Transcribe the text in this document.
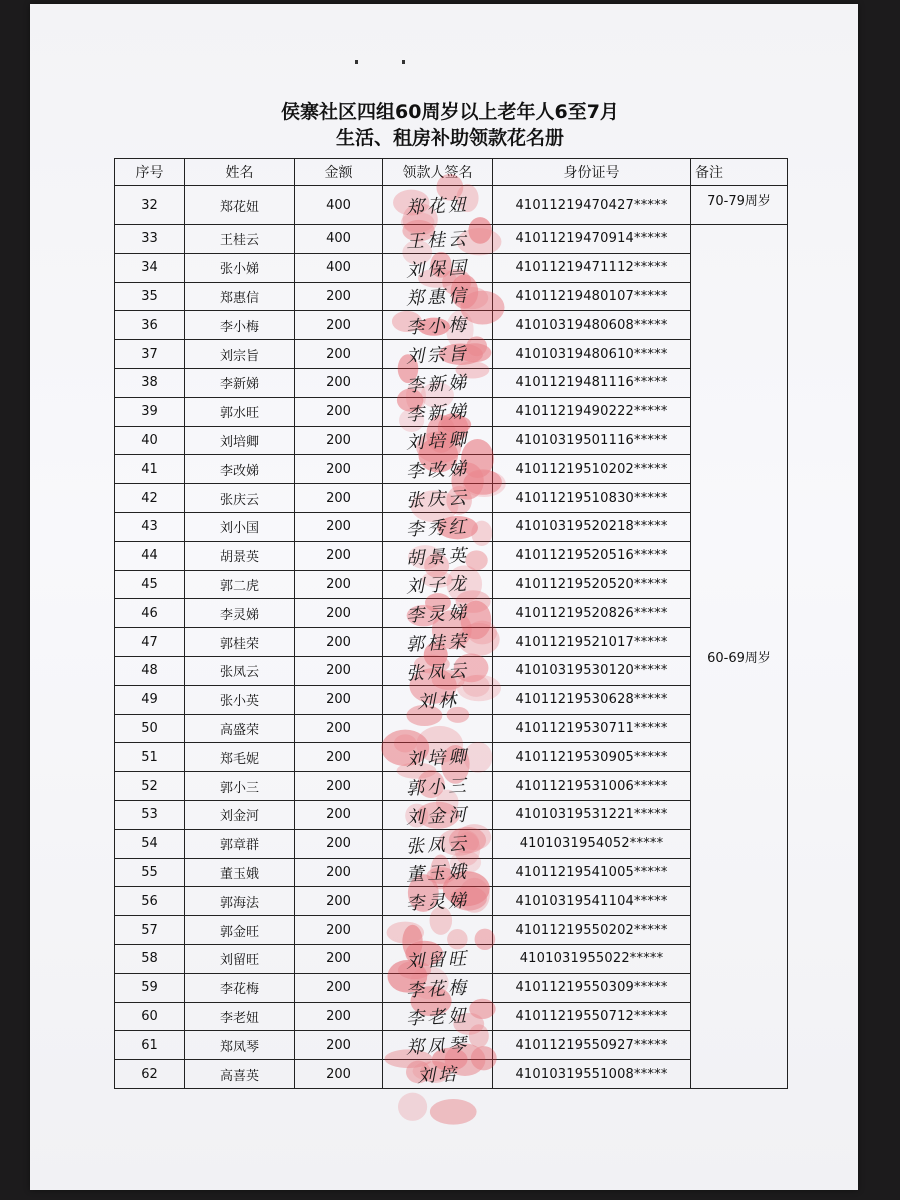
侯寨社区四组60周岁以上老年人6至7月
生活、租房补助领款花名册
序号	姓名	金额	领款人签名	身份证号	备注
32	郑花妞	400	郑花妞	41011219470427*****	70-79周岁
33	王桂云	400	王桂云	41011219470914*****	60-69周岁
34	张小娣	400	刘保国	41011219471112*****	
35	郑惠信	200	郑惠信	41011219480107*****	
36	李小梅	200	李小梅	41010319480608*****	
37	刘宗旨	200	刘宗旨	41010319480610*****	
38	李新娣	200	李新娣	41011219481116*****	
39	郭水旺	200	李新娣	41011219490222*****	
40	刘培卿	200	刘培卿	41010319501116*****	
41	李改娣	200	李改娣	41011219510202*****	
42	张庆云	200	张庆云	41011219510830*****	
43	刘小国	200	李秀红	41010319520218*****	
44	胡景英	200	胡景英	41011219520516*****	
45	郭二虎	200	刘子龙	41011219520520*****	
46	李灵娣	200	李灵娣	41011219520826*****	
47	郭桂荣	200	郭桂荣	41011219521017*****	
48	张凤云	200	张凤云	41010319530120*****	
49	张小英	200	刘林	41011219530628*****	
50	高盛荣	200		41011219530711*****	
51	郑毛妮	200	刘培卿	41011219530905*****	
52	郭小三	200	郭小三	41011219531006*****	
53	刘金河	200	刘金河	41010319531221*****	
54	郭章群	200	张凤云	4101031954052*****	
55	董玉娥	200	董玉娥	41011219541005*****	
56	郭海法	200	李灵娣	41010319541104*****	
57	郭金旺	200		41011219550202*****	
58	刘留旺	200	刘留旺	4101031955022*****	
59	李花梅	200	李花梅	41011219550309*****	
60	李老妞	200	李老妞	41011219550712*****	
61	郑凤琴	200	郑凤琴	41011219550927*****	
62	高喜英	200	刘培	41010319551008*****	
